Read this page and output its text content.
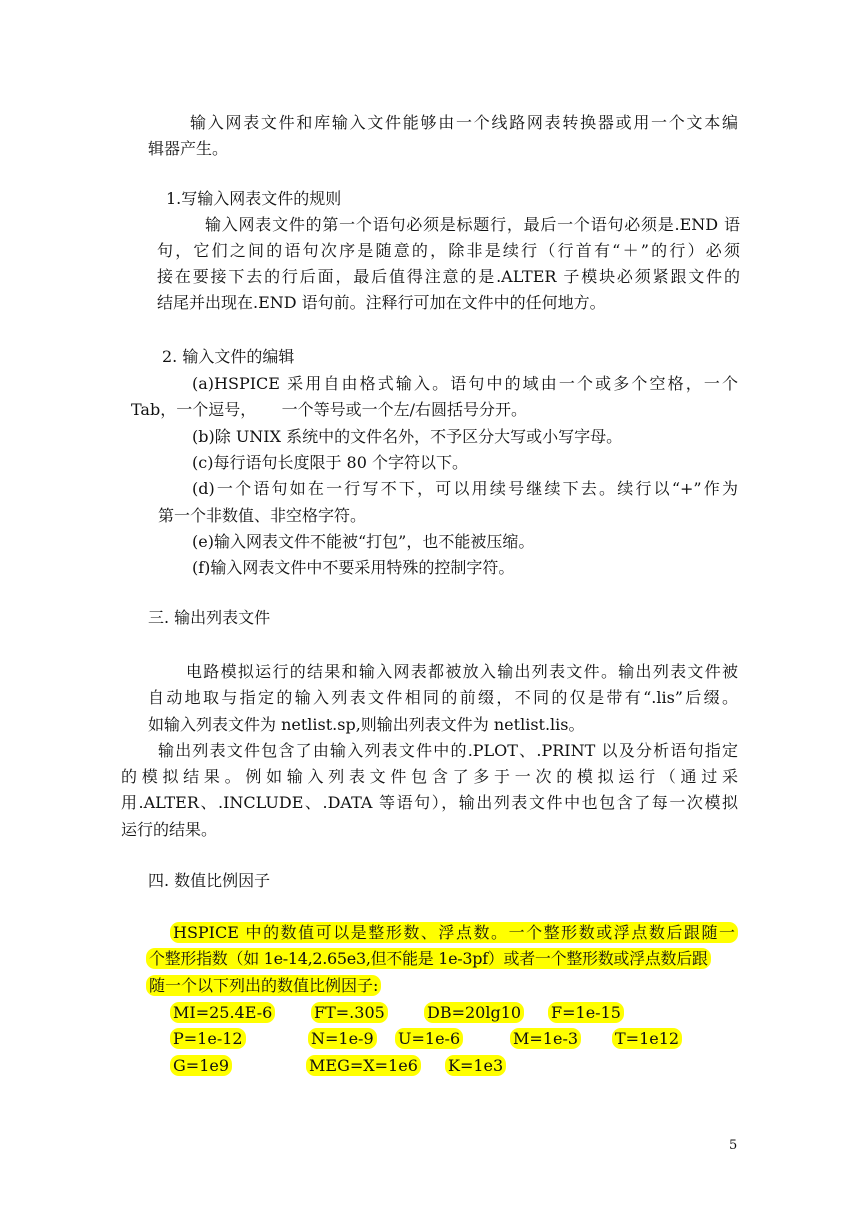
输入网表文件和库输入文件能够由一个线路网表转换器或用一个文本编
辑器产生。
1.写输入网表文件的规则
输入网表文件的第一个语句必须是标题行，最后一个语句必须是.END 语
句，它们之间的语句次序是随意的，除非是续行（行首有“＋”的行）必须
接在要接下去的行后面，最后值得注意的是.ALTER 子模块必须紧跟文件的
结尾并出现在.END 语句前。注释行可加在文件中的任何地方。
2. 输入文件的编辑
(a)HSPICE 采用自由格式输入。语句中的域由一个或多个空格，一个
Tab，一个逗号，     一个等号或一个左/右圆括号分开。
(b)除 UNIX 系统中的文件名外，不予区分大写或小写字母。
(c)每行语句长度限于 80 个字符以下。
(d)一个语句如在一行写不下，可以用续号继续下去。续行以“+”作为
第一个非数值、非空格字符。
(e)输入网表文件不能被“打包”，也不能被压缩。
(f)输入网表文件中不要采用特殊的控制字符。
三. 输出列表文件
电路模拟运行的结果和输入网表都被放入输出列表文件。输出列表文件被
自动地取与指定的输入列表文件相同的前缀，不同的仅是带有“.lis”后缀。
如输入列表文件为 netlist.sp,则输出列表文件为 netlist.lis。
输出列表文件包含了由输入列表文件中的.PLOT、.PRINT 以及分析语句指定
的模拟结果。例如输入列表文件包含了多于一次的模拟运行（通过采
用.ALTER、.INCLUDE、.DATA 等语句），输出列表文件中也包含了每一次模拟
运行的结果。
四. 数值比例因子
HSPICE 中的数值可以是整形数、浮点数。一个整形数或浮点数后跟随一
个整形指数（如 1e-14,2.65e3,但不能是 1e-3pf）或者一个整形数或浮点数后跟
随一个以下列出的数值比例因子:
MI=25.4E-6	FT=.305	DB=20lg10 F=1e-15
P=1e-12	N=1e-9 U=1e-6	M=1e-3 T=1e12
G=1e9	MEG=X=1e6 K=1e3
5
